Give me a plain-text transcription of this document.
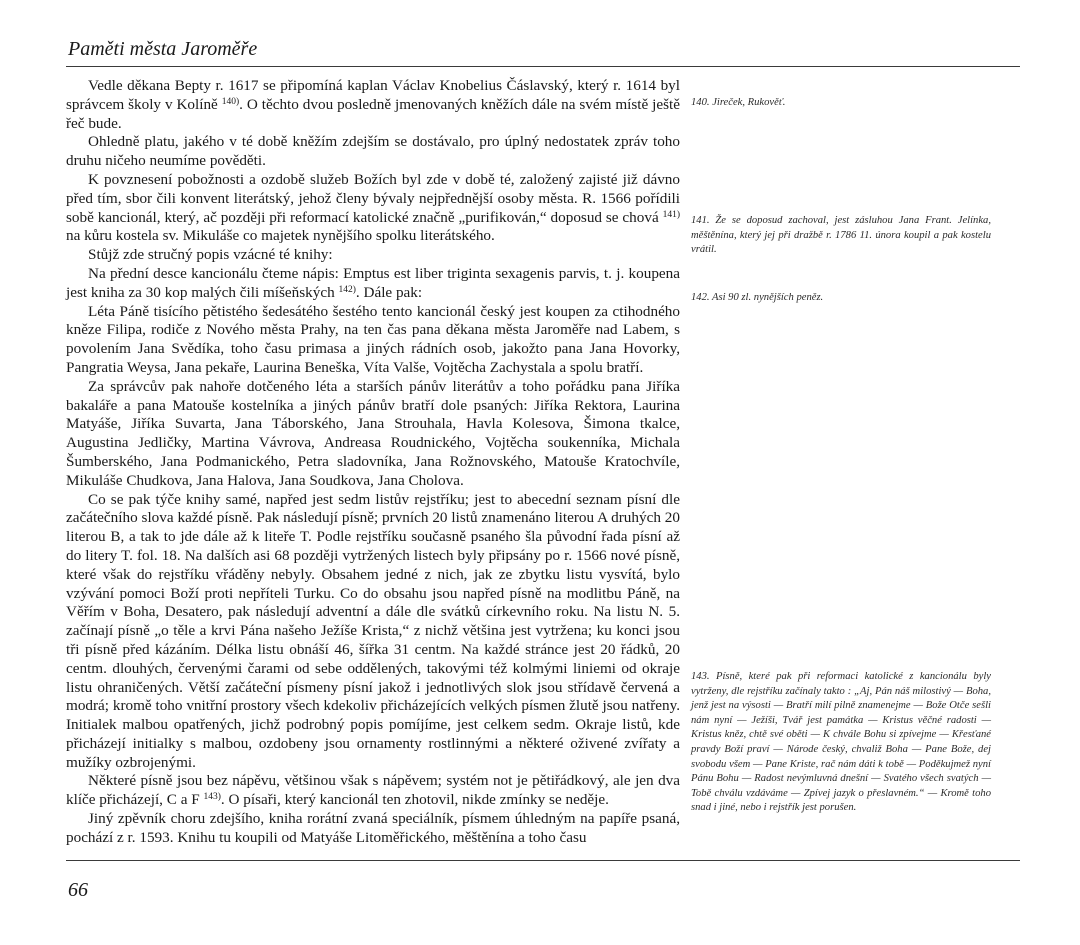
Paměti města Jaroměře

Vedle děkana Bepty r. 1617 se připomíná kaplan Václav Knobelius Čáslavský, který r. 1614 byl správcem školy v Kolíně $^{140)}$. O těchto dvou posledně jmenovaných kněžích dále na svém místě ještě řeč bude.

Ohledně platu, jakého v té době kněžím zdejším se dostávalo, pro úplný nedostatek zpráv toho druhu ničeho neumíme pověděti.

K povznesení pobožnosti a ozdobě služeb Božích byl zde v době té, založený zajisté již dávno před tím, sbor čili konvent literátský, jehož členy bývaly nejpřednější osoby města. R. 1566 pořídili sobě kancionál, který, ač později při reformací katolické značně „purifikován,“ doposud se chová $^{141)}$ na kůru kostela sv. Mikuláše co majetek nynějšího spolku literátského.

Stůjž zde stručný popis vzácné té knihy:

Na přední desce kancionálu čteme nápis: Emptus est liber triginta sexagenis parvis, t. j. koupena jest kniha za 30 kop malých čili míšeňských $^{142)}$. Dále pak:

Léta Páně tisícího pětistého šedesátého šestého tento kancionál český jest koupen za ctihodného kněze Filipa, rodiče z Nového města Prahy, na ten čas pana děkana města Jaroměře nad Labem, s povolením Jana Svědíka, toho času primasa a jiných rádních osob, jakožto pana Jana Hovorky, Pangratia Weysa, Jana pekaře, Laurina Beneška, Víta Valše, Vojtěcha Zachystala a spolu bratří.

Za správcův pak nahoře dotčeného léta a starších pánův literátův a toho pořádku pana Jiříka bakaláře a pana Matouše kostelníka a jiných pánův bratří dole psaných: Jiříka Rektora, Laurina Matyáše, Jiříka Suvarta, Jana Táborského, Jana Strouhala, Havla Kolesova, Šimona tkalce, Augustina Jedličky, Martina Vávrova, Andreasa Roudnického, Vojtěcha soukenníka, Michala Šumberského, Jana Podmanického, Petra sladovníka, Jana Rožnovského, Matouše Kratochvíle, Mikuláše Chudkova, Jana Halova, Jana Soudkova, Jana Cholova.

Co se pak týče knihy samé, napřed jest sedm listův rejstříku; jest to abecední seznam písní dle začátečního slova každé písně. Pak následují písně; prvních 20 listů znamenáno literou A druhých 20 literou B, a tak to jde dále až k liteře T. Podle rejstříku současně psaného šla původní řada písní až do litery T. fol. 18. Na dalších asi 68 později vytržených listech byly připsány po r. 1566 nové písně, které však do rejstříku vřáděny nebyly. Obsahem jedné z nich, jak ze zbytku listu vysvítá, bylo vzývání pomoci Boží proti nepříteli Turku. Co do obsahu jsou napřed písně na modlitbu Páně, na Věřím v Boha, Desatero, pak následují adventní a dále dle svátků církevního roku. Na listu N. 5. začínají písně „o těle a krvi Pána našeho Ježíše Krista,“ z nichž většina jest vytržena; ku konci jsou tři písně před kázáním. Délka listu obnáší 46, šířka 31 centm. Na každé stránce jest 20 řádků, 20 centm. dlouhých, červenými čarami od sebe oddělených, takovými též kolmými liniemi od okraje listu ohraničených. Větší začáteční písmeny písní jakož i jednotlivých slok jsou střídavě červená a modrá; kromě toho vnitřní prostory všech kdekoliv přicházejících velkých písmen žlutě jsou natřeny. Initialek malbou opatřených, jichž podrobný popis pomíjíme, jest celkem sedm. Okraje listů, kde přicházejí initialky s malbou, ozdobeny jsou ornamenty rostlinnými a některé oživené zvířaty a mužíky ozbrojenými.

Některé písně jsou bez nápěvu, většinou však s nápěvem; systém not je pětiřádkový, ale jen dva klíče přicházejí, C a F $^{143)}$. O písaři, který kancionál ten zhotovil, nikde zmínky se neděje.

Jiný zpěvník choru zdejšího, kniha rorátní zvaná speciálník, písmem úhledným na papíře psaná, pochází z r. 1593. Knihu tu koupili od Matyáše Litoměřického, měštěnína a toho času

140. Jireček, Rukověť.

141. Že se doposud zachoval, jest zásluhou Jana Frant. Jelínka, měštěnína, který jej při dražbě r. 1786 11. února koupil a pak kostelu vrátil.

142. Asi 90 zl. nynějších peněz.

143. Písně, které pak při reformaci katolické z kancionálu byly vytrženy, dle rejstříku začínaly takto : „Aj, Pán náš milostivý — Boha, jenž jest na výsosti — Bratří milí pilně znamenejme — Bože Otče sešli nám nyní — Ježíši, Tvář jest památka — Kristus věčné radosti — Kristus kněz, chtě své oběti — K chvále Bohu si zpívejme — Křesťané pravdy Boží praví — Národe český, chvaliž Boha — Pane Bože, dej svobodu všem — Pane Kriste, rač nám dáti k tobě — Poděkujmež nyní Pánu Bohu — Radost nevýmluvná dnešní — Svatého všech svatých — Tobě chválu vzdáváme — Zpívej jazyk o přeslavném.“ — Kromě toho snad i jiné, nebo i rejstřík jest porušen.

66
